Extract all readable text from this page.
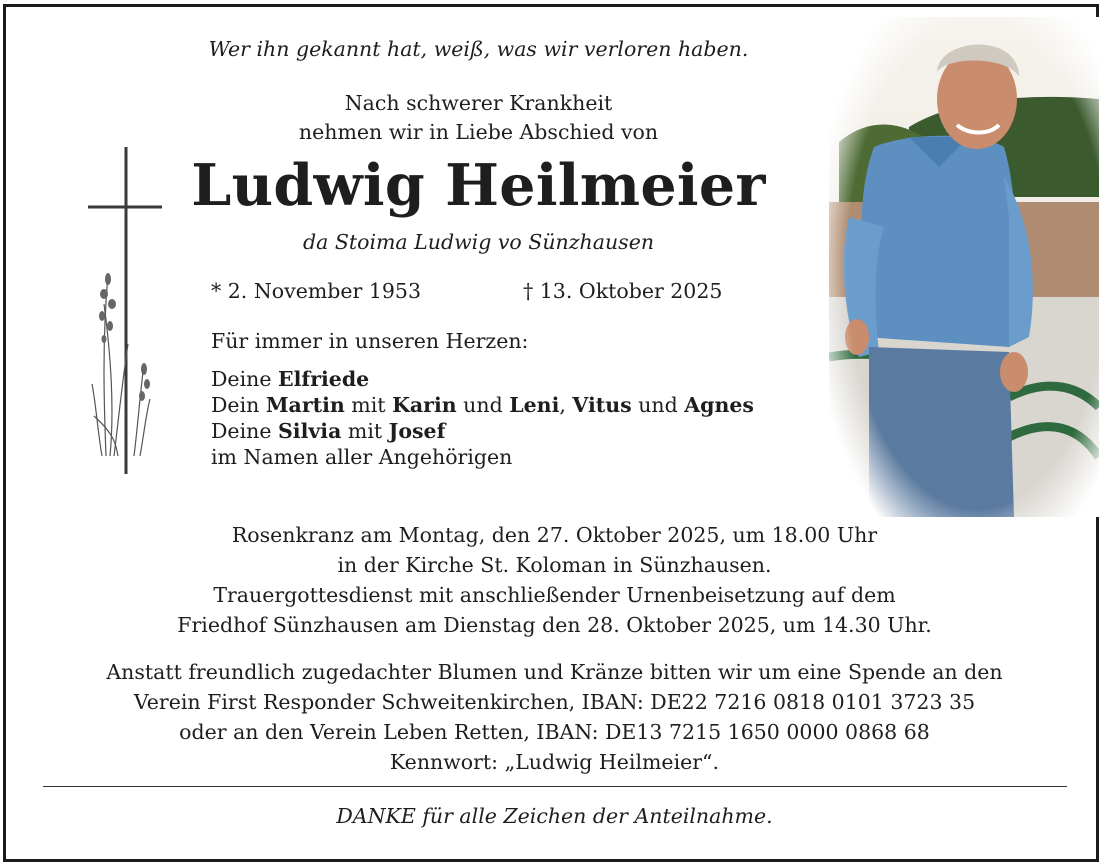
Wer ihn gekannt hat, weiß, was wir verloren haben.
Nach schwerer Krankheit
nehmen wir in Liebe Abschied von
Ludwig Heilmeier
da Stoima Ludwig vo Sünzhausen
* 2. November 1953	† 13. Oktober 2025
Für immer in unseren Herzen:
Deine Elfriede
Dein Martin mit Karin und Leni, Vitus und Agnes
Deine Silvia mit Josef
im Namen aller Angehörigen
Rosenkranz am Montag, den 27. Oktober 2025, um 18.00 Uhr
in der Kirche St. Koloman in Sünzhausen.
Trauergottesdienst mit anschließender Urnenbeisetzung auf dem
Friedhof Sünzhausen am Dienstag den 28. Oktober 2025, um 14.30 Uhr.
Anstatt freundlich zugedachter Blumen und Kränze bitten wir um eine Spende an den
Verein First Responder Schweitenkirchen, IBAN: DE22 7216 0818 0101 3723 35
oder an den Verein Leben Retten, IBAN: DE13 7215 1650 0000 0868 68
Kennwort: „Ludwig Heilmeier“.
DANKE für alle Zeichen der Anteilnahme.
